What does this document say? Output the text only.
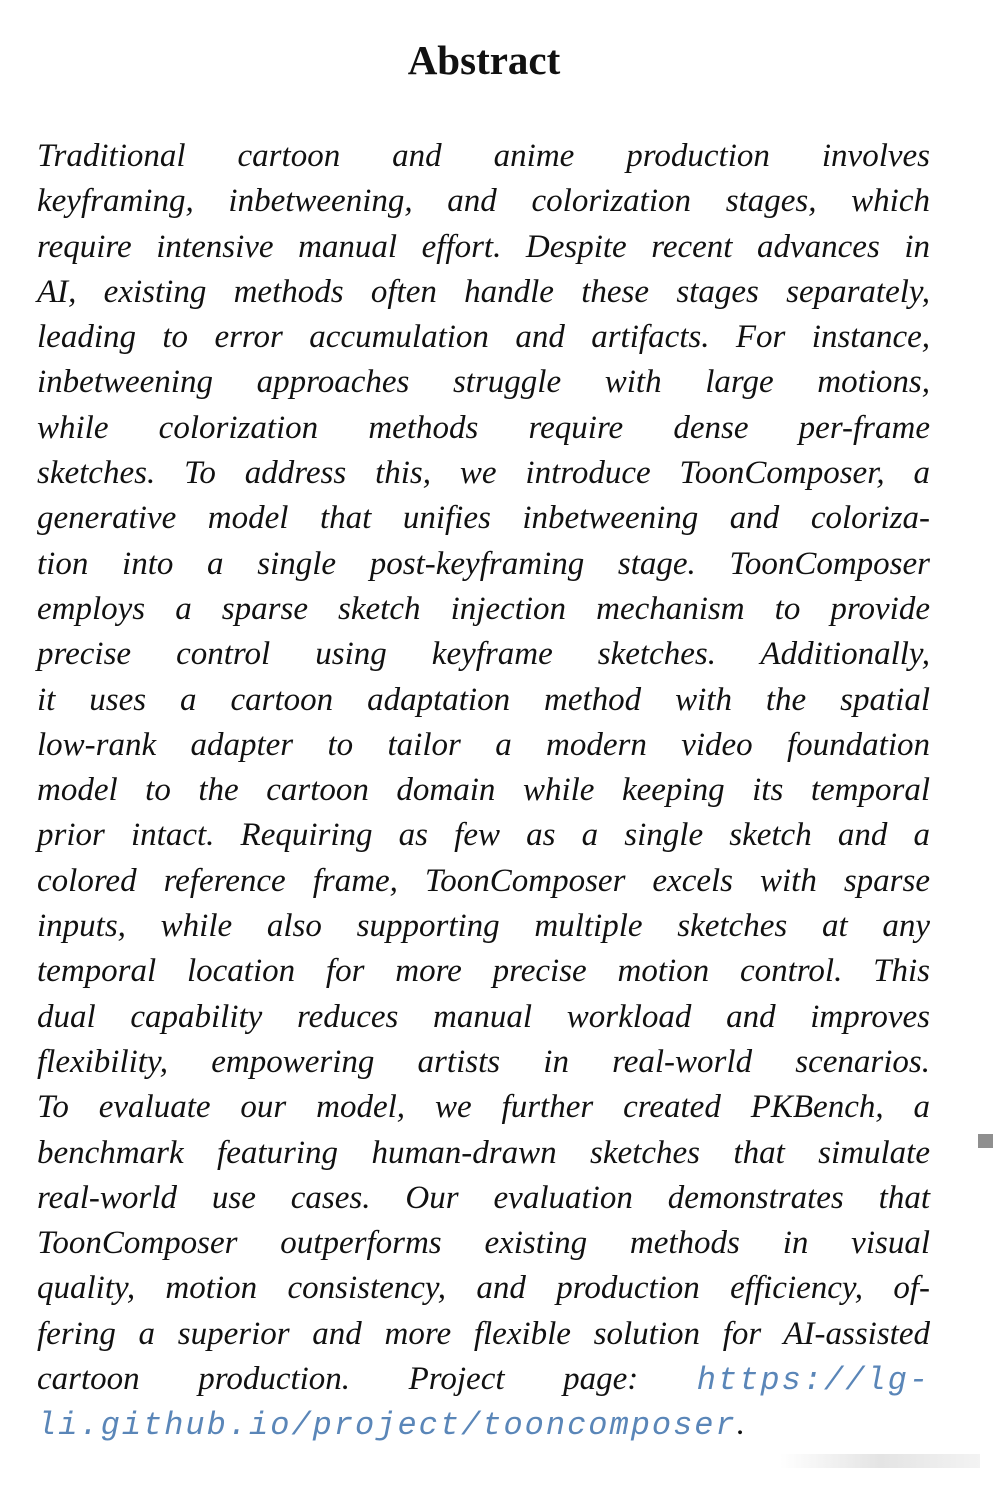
Abstract
Traditional cartoon and anime production involves
keyframing, inbetweening, and colorization stages, which
require intensive manual effort. Despite recent advances in
AI, existing methods often handle these stages separately,
leading to error accumulation and artifacts. For instance,
inbetweening approaches struggle with large motions,
while colorization methods require dense per-frame
sketches. To address this, we introduce ToonComposer, a
generative model that unifies inbetweening and coloriza-
tion into a single post-keyframing stage. ToonComposer
employs a sparse sketch injection mechanism to provide
precise control using keyframe sketches. Additionally,
it uses a cartoon adaptation method with the spatial
low-rank adapter to tailor a modern video foundation
model to the cartoon domain while keeping its temporal
prior intact. Requiring as few as a single sketch and a
colored reference frame, ToonComposer excels with sparse
inputs, while also supporting multiple sketches at any
temporal location for more precise motion control. This
dual capability reduces manual workload and improves
flexibility, empowering artists in real-world scenarios.
To evaluate our model, we further created PKBench, a
benchmark featuring human-drawn sketches that simulate
real-world use cases. Our evaluation demonstrates that
ToonComposer outperforms existing methods in visual
quality, motion consistency, and production efficiency, of-
fering a superior and more flexible solution for AI-assisted
cartoon production. Project page: https://lg-
li.github.io/project/tooncomposer.
